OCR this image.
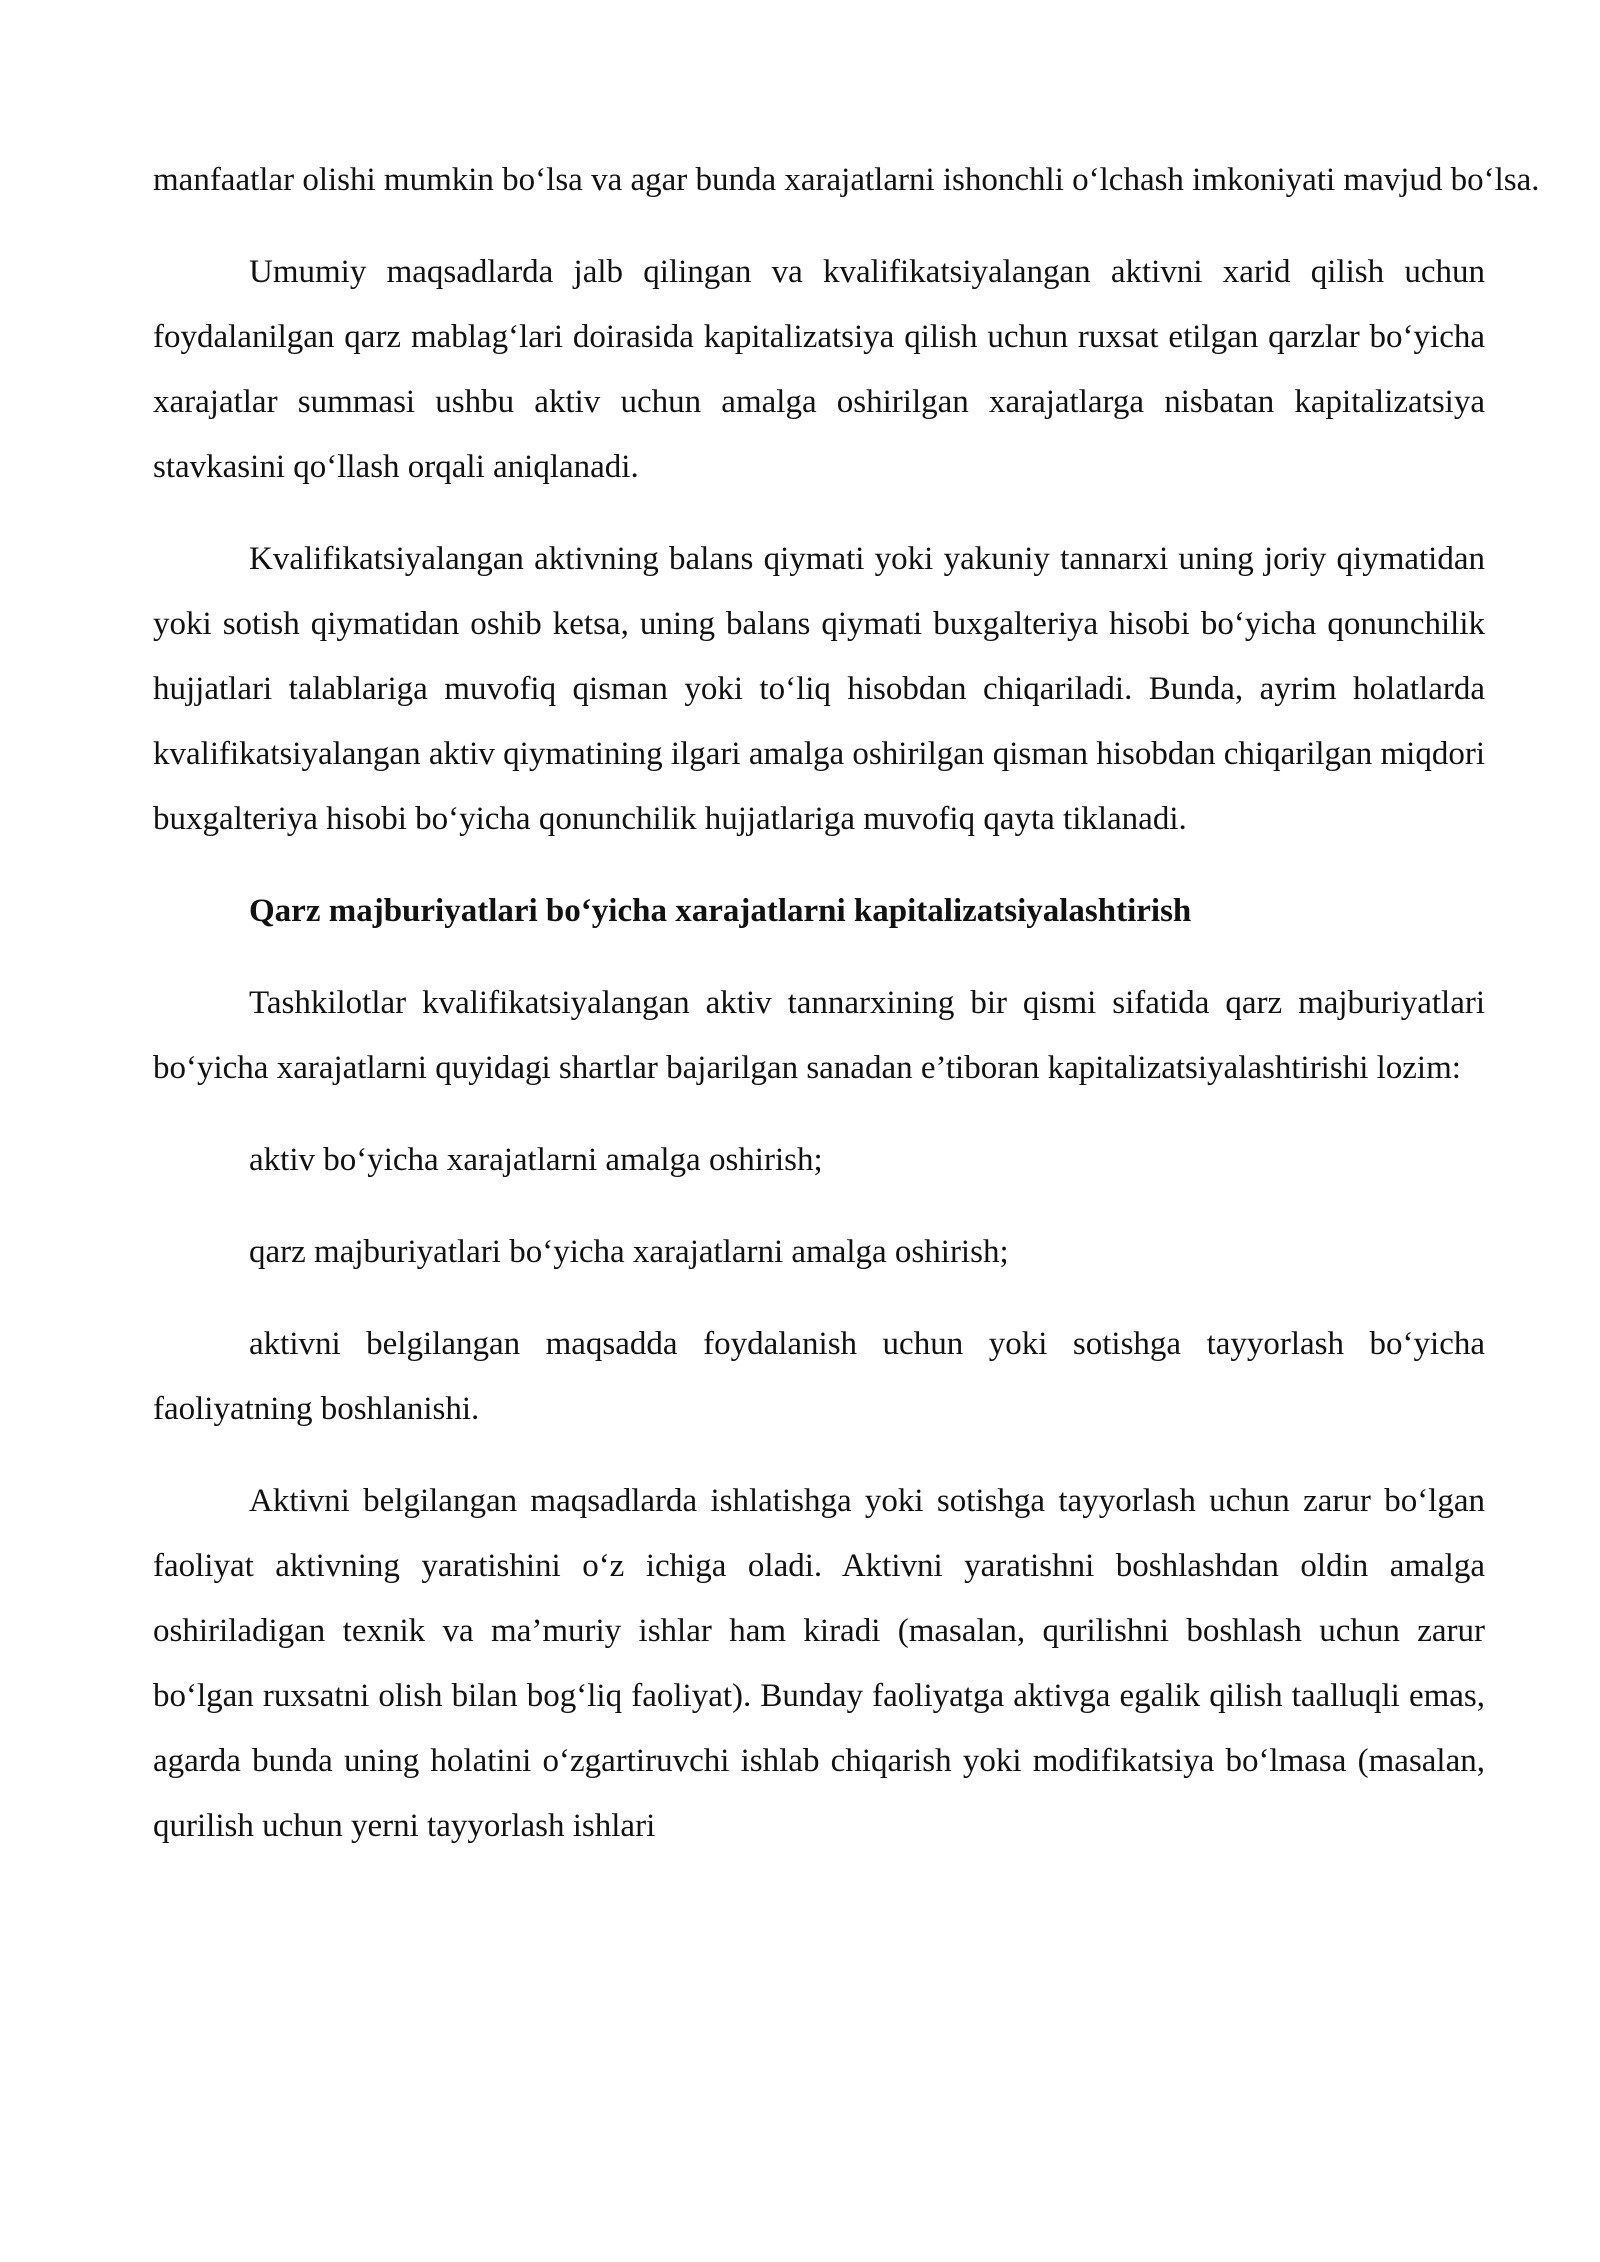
manfaatlar olishi mumkin bo‘lsa va agar bunda xarajatlarni ishonchli o‘lchash imkoniyati mavjud bo‘lsa.

Umumiy maqsadlarda jalb qilingan va kvalifikatsiyalangan aktivni xarid qilish uchun foydalanilgan qarz mablag‘lari doirasida kapitalizatsiya qilish uchun ruxsat etilgan qarzlar bo‘yicha xarajatlar summasi ushbu aktiv uchun amalga oshirilgan xarajatlarga nisbatan kapitalizatsiya stavkasini qo‘llash orqali aniqlanadi.

Kvalifikatsiyalangan aktivning balans qiymati yoki yakuniy tannarxi uning joriy qiymatidan yoki sotish qiymatidan oshib ketsa, uning balans qiymati buxgalteriya hisobi bo‘yicha qonunchilik hujjatlari talablariga muvofiq qisman yoki to‘liq hisobdan chiqariladi. Bunda, ayrim holatlarda kvalifikatsiyalangan aktiv qiymatining ilgari amalga oshirilgan qisman hisobdan chiqarilgan miqdori buxgalteriya hisobi bo‘yicha qonunchilik hujjatlariga muvofiq qayta tiklanadi.

Qarz majburiyatlari bo‘yicha xarajatlarni kapitalizatsiyalashtirish

Tashkilotlar kvalifikatsiyalangan aktiv tannarxining bir qismi sifatida qarz majburiyatlari bo‘yicha xarajatlarni quyidagi shartlar bajarilgan sanadan e’tiboran kapitalizatsiyalashtirishi lozim:

aktiv bo‘yicha xarajatlarni amalga oshirish;

qarz majburiyatlari bo‘yicha xarajatlarni amalga oshirish;

aktivni belgilangan maqsadda foydalanish uchun yoki sotishga tayyorlash bo‘yicha faoliyatning boshlanishi.

Aktivni belgilangan maqsadlarda ishlatishga yoki sotishga tayyorlash uchun zarur bo‘lgan faoliyat aktivning yaratishini o‘z ichiga oladi. Aktivni yaratishni boshlashdan oldin amalga oshiriladigan texnik va ma’muriy ishlar ham kiradi (masalan, qurilishni boshlash uchun zarur bo‘lgan ruxsatni olish bilan bog‘liq faoliyat). Bunday faoliyatga aktivga egalik qilish taalluqli emas, agarda bunda uning holatini o‘zgartiruvchi ishlab chiqarish yoki modifikatsiya bo‘lmasa (masalan, qurilish uchun yerni tayyorlash ishlari
